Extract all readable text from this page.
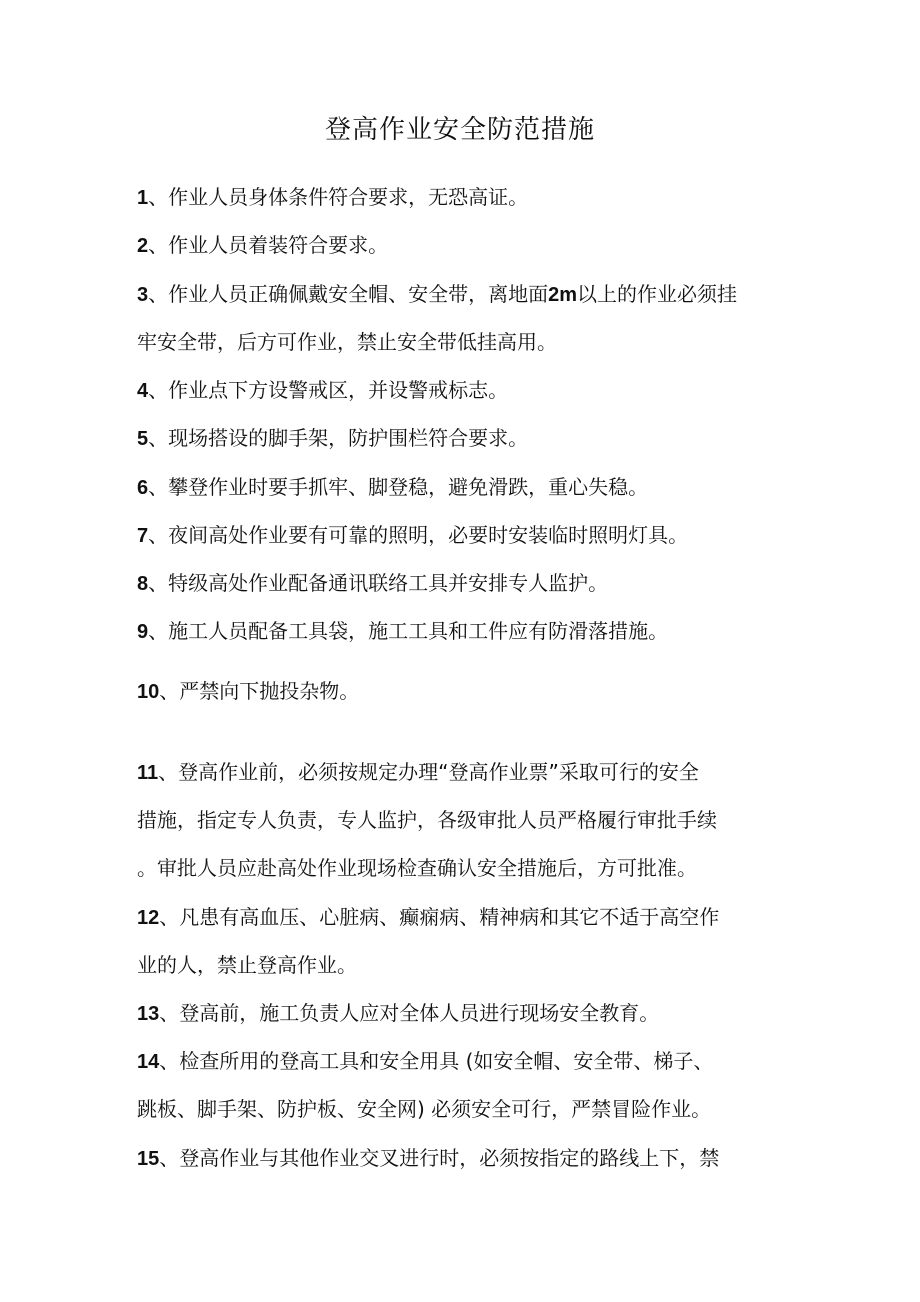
登高作业安全防范措施
1、作业人员身体条件符合要求，无恐高证。
2、作业人员着装符合要求。
3、作业人员正确佩戴安全帽、安全带，离地面2m以上的作业必须挂
牢安全带，后方可作业，禁止安全带低挂高用。
4、作业点下方设警戒区，并设警戒标志。
5、现场搭设的脚手架，防护围栏符合要求。
6、攀登作业时要手抓牢、脚登稳，避免滑跌，重心失稳。
7、夜间高处作业要有可靠的照明，必要时安装临时照明灯具。
8、特级高处作业配备通讯联络工具并安排专人监护。
9、施工人员配备工具袋，施工工具和工件应有防滑落措施。
10、严禁向下抛投杂物。
11、登高作业前，必须按规定办理“登高作业票”采取可行的安全
措施，指定专人负责，专人监护，各级审批人员严格履行审批手续
。审批人员应赴高处作业现场检查确认安全措施后，方可批准。
12、凡患有高血压、心脏病、癫痫病、精神病和其它不适于高空作
业的人，禁止登高作业。
13、登高前，施工负责人应对全体人员进行现场安全教育。
14、检查所用的登高工具和安全用具 (如安全帽、安全带、梯子、
跳板、脚手架、防护板、安全网) 必须安全可行，严禁冒险作业。
15、登高作业与其他作业交叉进行时，必须按指定的路线上下，禁
